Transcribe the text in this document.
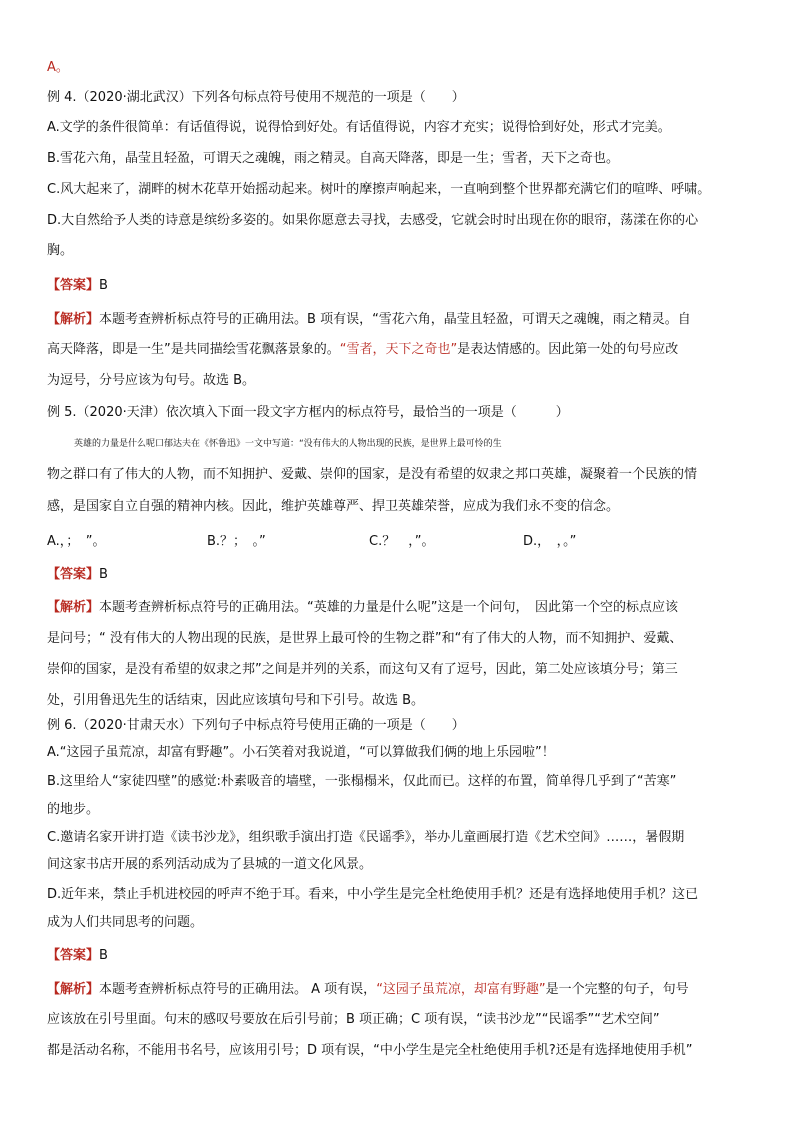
A。
例 4.（2020·湖北武汉）下列各句标点符号使用不规范的一项是（　　）
A.文学的条件很简单：有话值得说，说得恰到好处。有话值得说，内容才充实；说得恰到好处，形式才完美。
B.雪花六角，晶莹且轻盈，可谓天之魂魄，雨之精灵。自高天降落，即是一生；雪者，天下之奇也。
C.风大起来了，湖畔的树木花草开始摇动起来。树叶的摩擦声响起来，一直响到整个世界都充满它们的喧哗、呼啸。
D.大自然给予人类的诗意是缤纷多姿的。如果你愿意去寻找，去感受，它就会时时出现在你的眼帘，荡漾在你的心
胸。
【答案】B
【解析】本题考查辨析标点符号的正确用法。B 项有误，“雪花六角，晶莹且轻盈，可谓天之魂魄，雨之精灵。自
高天降落，即是一生”是共同描绘雪花飘落景象的。“雪者，天下之奇也”是表达情感的。因此第一处的句号应改
为逗号，分号应该为句号。故选 B。
例 5.（2020·天津）依次填入下面一段文字方框内的标点符号，最恰当的一项是（　　　）
英雄的力量是什么呢口郁达夫在《怀鲁迅》一文中写道：“没有伟大的人物出现的民族，是世界上最可怜的生
物之群口有了伟大的人物，而不知拥护、爱戴、崇仰的国家，是没有希望的奴隶之邦口英雄，凝聚着一个民族的情
感，是国家自立自强的精神内核。因此，维护英雄尊严、捍卫英雄荣誉，应成为我们永不变的信念。
A.，；　”。	B.？；　。”	C.？　，”。	D.，　，。”
【答案】B
【解析】本题考查辨析标点符号的正确用法。“英雄的力量是什么呢”这是一个问句，　因此第一个空的标点应该
是问号；“ 没有伟大的人物出现的民族，是世界上最可怜的生物之群”和“有了伟大的人物，而不知拥护、爱戴、
崇仰的国家，是没有希望的奴隶之邦”之间是并列的关系，而这句又有了逗号，因此，第二处应该填分号；第三
处，引用鲁迅先生的话结束，因此应该填句号和下引号。故选 B。
例 6.（2020·甘肃天水）下列句子中标点符号使用正确的一项是（　　）
A.“这园子虽荒凉，却富有野趣”。小石笑着对我说道，“可以算做我们俩的地上乐园啦”！
B.这里给人“家徒四壁”的感觉:朴素吸音的墙壁，一张榻榻米，仅此而已。这样的布置，简单得几乎到了“苦寒”
的地步。
C.邀请名家开讲打造《读书沙龙》，组织歌手演出打造《民谣季》，举办儿童画展打造《艺术空间》……，暑假期
间这家书店开展的系列活动成为了县城的一道文化风景。
D.近年来，禁止手机进校园的呼声不绝于耳。看来，中小学生是完全杜绝使用手机？还是有选择地使用手机？这已
成为人们共同思考的问题。
【答案】B
【解析】本题考查辨析标点符号的正确用法。 A 项有误，“这园子虽荒凉，却富有野趣”是一个完整的句子，句号
应该放在引号里面。句末的感叹号要放在后引号前；B 项正确；C 项有误，“读书沙龙”“民谣季”“艺术空间”
都是活动名称，不能用书名号，应该用引号；D 项有误，“中小学生是完全杜绝使用手机?还是有选择地使用手机”
